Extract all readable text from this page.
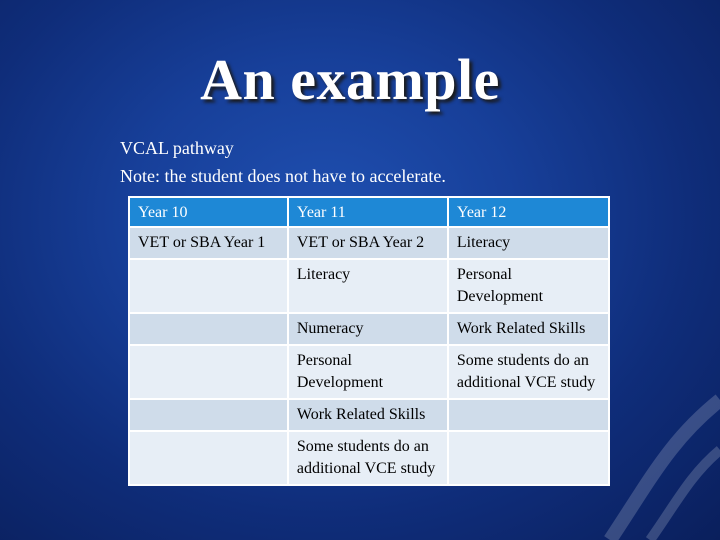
An example
VCAL pathway
Note: the student does not have to accelerate.
Year 10	Year 11	Year 12
VET or SBA Year 1	VET or SBA Year 2	Literacy
	Literacy	Personal Development
	Numeracy	Work Related Skills
	Personal Development	Some students do an additional VCE study
	Work Related Skills	
	Some students do an additional VCE study	
